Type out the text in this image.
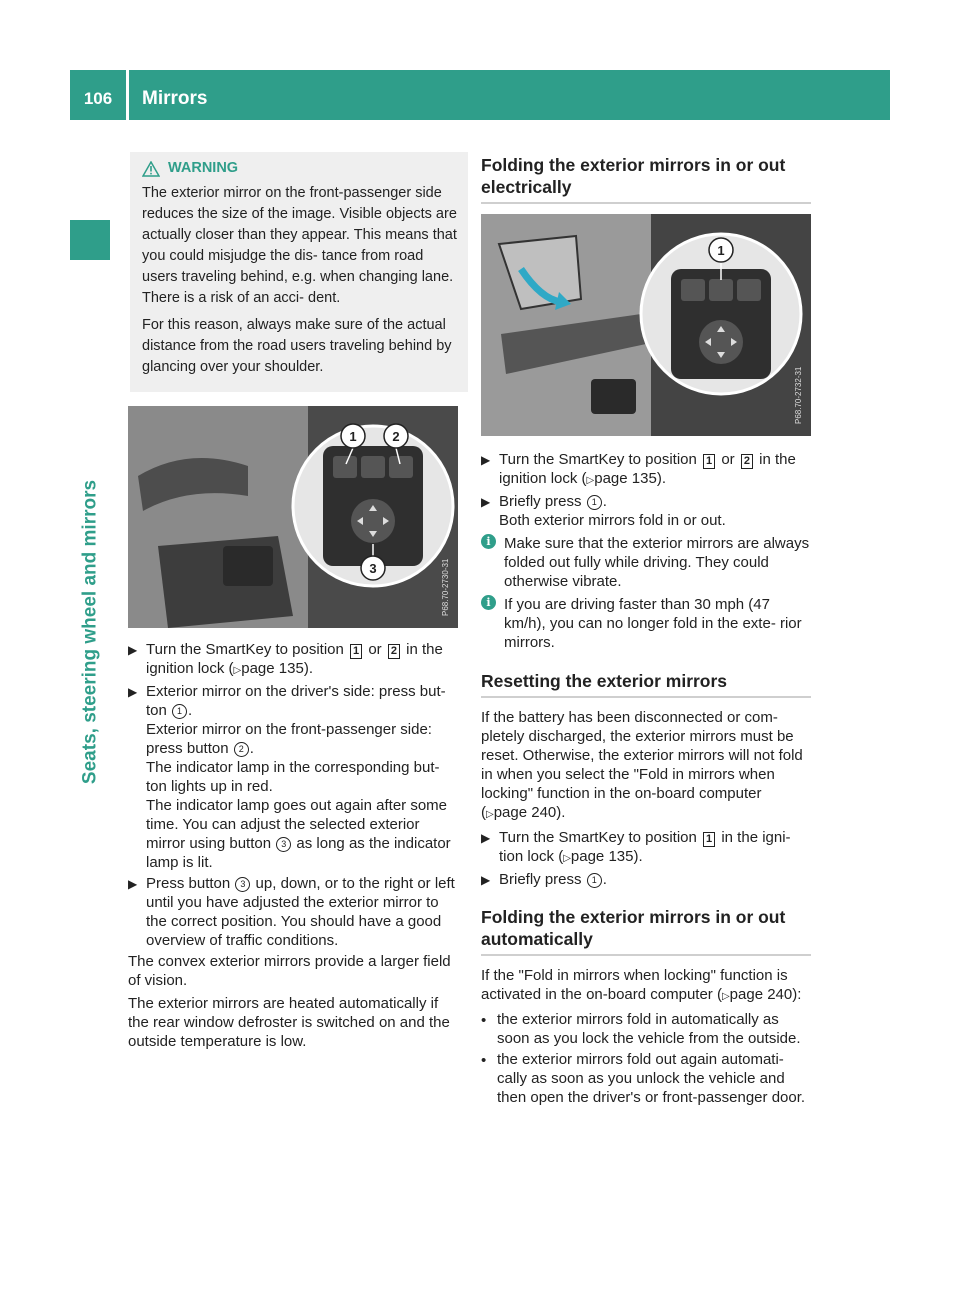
106	Mirrors
Seats, steering wheel and mirrors
WARNING

The exterior mirror on the front-passenger side reduces the size of the image. Visible objects are actually closer than they appear. This means that you could misjudge the dis- tance from road users traveling behind, e.g. when changing lane. There is a risk of an acci- dent.

For this reason, always make sure of the actual distance from the road users traveling behind by glancing over your shoulder.

1	2
3	P68.70-2730-31
▶ Turn the SmartKey to position 1 or 2 in the ignition lock (▷page 135).

▶ Exterior mirror on the driver's side: press but- ton 1 .

Exterior mirror on the front-passenger side: press button 2 .

The indicator lamp in the corresponding but- ton lights up in red.

The indicator lamp goes out again after some time. You can adjust the selected exterior mirror using button 3 as long as the indicator lamp is lit.

▶ Press button 3 up, down, or to the right or left until you have adjusted the exterior mirror to the correct position. You should have a good overview of traffic conditions.

The convex exterior mirrors provide a larger field of vision.

The exterior mirrors are heated automatically if the rear window defroster is switched on and the outside temperature is low.

Folding the exterior mirrors in or out electrically
1
P68.70-2732-31
▶ Turn the SmartKey to position 1 or 2 in the ignition lock (▷page 135).

▶ Briefly press 1 .

Both exterior mirrors fold in or out.

i Make sure that the exterior mirrors are always folded out fully while driving. They could otherwise vibrate.
i If you are driving faster than 30 mph (47 km/h), you can no longer fold in the exte- rior mirrors.
Resetting the exterior mirrors

If the battery has been disconnected or com- pletely discharged, the exterior mirrors must be reset. Otherwise, the exterior mirrors will not fold in when you select the "Fold in mirrors when locking" function in the on-board computer (▷page 240).

▶ Turn the SmartKey to position 1 in the igni- tion lock (▷page 135).

▶ Briefly press 1 .

Folding the exterior mirrors in or out automatically

If the "Fold in mirrors when locking" function is activated in the on-board computer (▷page 240):

• the exterior mirrors fold in automatically as soon as you lock the vehicle from the outside.
• the exterior mirrors fold out again automati- cally as soon as you unlock the vehicle and then open the driver's or front-passenger door.
